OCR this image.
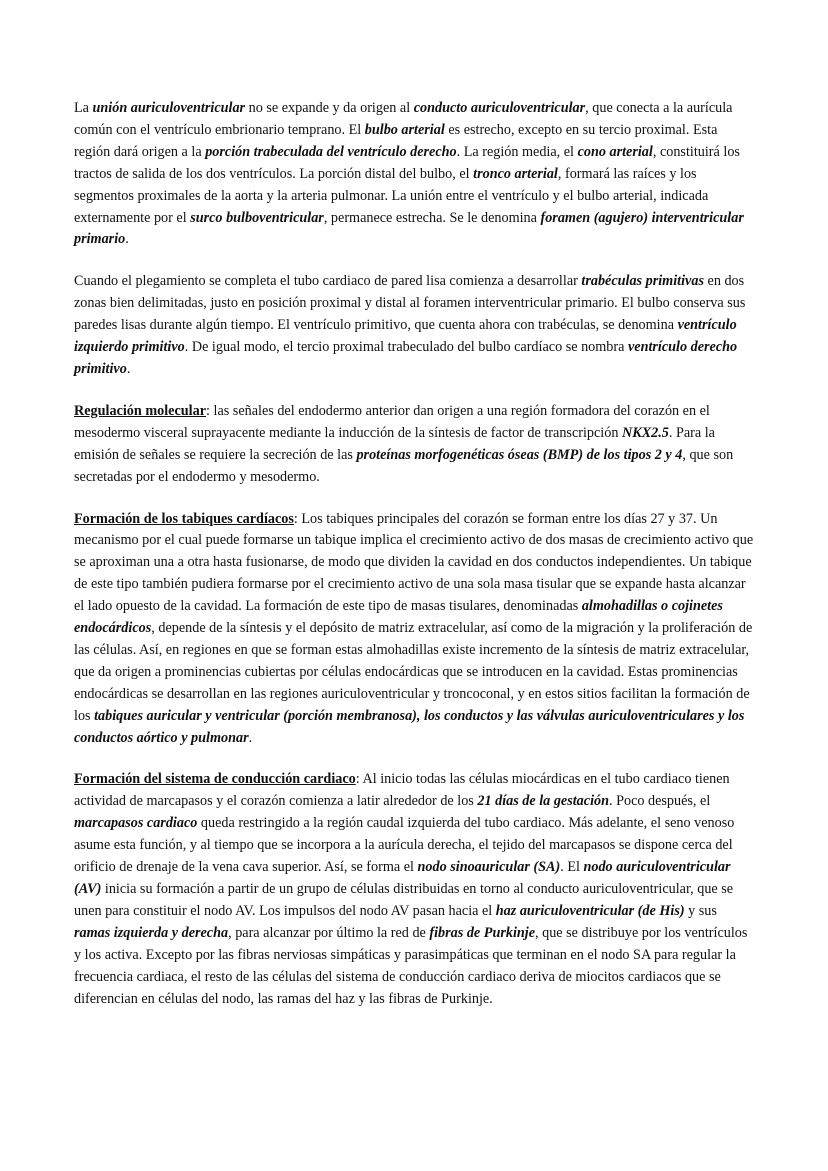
La unión auriculoventricular no se expande y da origen al conducto auriculoventricular, que conecta a la aurícula común con el ventrículo embrionario temprano. El bulbo arterial es estrecho, excepto en su tercio proximal. Esta región dará origen a la porción trabeculada del ventrículo derecho. La región media, el cono arterial, constituirá los tractos de salida de los dos ventrículos. La porción distal del bulbo, el tronco arterial, formará las raíces y los segmentos proximales de la aorta y la arteria pulmonar. La unión entre el ventrículo y el bulbo arterial, indicada externamente por el surco bulboventricular, permanece estrecha. Se le denomina foramen (agujero) interventricular primario.

Cuando el plegamiento se completa el tubo cardiaco de pared lisa comienza a desarrollar trabéculas primitivas en dos zonas bien delimitadas, justo en posición proximal y distal al foramen interventricular primario. El bulbo conserva sus paredes lisas durante algún tiempo. El ventrículo primitivo, que cuenta ahora con trabéculas, se denomina ventrículo izquierdo primitivo. De igual modo, el tercio proximal trabeculado del bulbo cardíaco se nombra ventrículo derecho primitivo.

Regulación molecular: las señales del endodermo anterior dan origen a una región formadora del corazón en el mesodermo visceral suprayacente mediante la inducción de la síntesis de factor de transcripción NKX2.5. Para la emisión de señales se requiere la secreción de las proteínas morfogenéticas óseas (BMP) de los tipos 2 y 4, que son secretadas por el endodermo y mesodermo.

Formación de los tabiques cardíacos: Los tabiques principales del corazón se forman entre los días 27 y 37. Un mecanismo por el cual puede formarse un tabique implica el crecimiento activo de dos masas de crecimiento activo que se aproximan una a otra hasta fusionarse, de modo que dividen la cavidad en dos conductos independientes. Un tabique de este tipo también pudiera formarse por el crecimiento activo de una sola masa tisular que se expande hasta alcanzar el lado opuesto de la cavidad. La formación de este tipo de masas tisulares, denominadas almohadillas o cojinetes endocárdicos, depende de la síntesis y el depósito de matriz extracelular, así como de la migración y la proliferación de las células. Así, en regiones en que se forman estas almohadillas existe incremento de la síntesis de matriz extracelular, que da origen a prominencias cubiertas por células endocárdicas que se introducen en la cavidad. Estas prominencias endocárdicas se desarrollan en las regiones auriculoventricular y troncoconal, y en estos sitios facilitan la formación de los tabiques auricular y ventricular (porción membranosa), los conductos y las válvulas auriculoventriculares y los conductos aórtico y pulmonar.

Formación del sistema de conducción cardiaco: Al inicio todas las células miocárdicas en el tubo cardiaco tienen actividad de marcapasos y el corazón comienza a latir alrededor de los 21 días de la gestación. Poco después, el marcapasos cardiaco queda restringido a la región caudal izquierda del tubo cardiaco. Más adelante, el seno venoso asume esta función, y al tiempo que se incorpora a la aurícula derecha, el tejido del marcapasos se dispone cerca del orificio de drenaje de la vena cava superior. Así, se forma el nodo sinoauricular (SA). El nodo auriculoventricular (AV) inicia su formación a partir de un grupo de células distribuidas en torno al conducto auriculoventricular, que se unen para constituir el nodo AV. Los impulsos del nodo AV pasan hacia el haz auriculoventricular (de His) y sus ramas izquierda y derecha, para alcanzar por último la red de fibras de Purkinje, que se distribuye por los ventrículos y los activa. Excepto por las fibras nerviosas simpáticas y parasimpáticas que terminan en el nodo SA para regular la frecuencia cardiaca, el resto de las células del sistema de conducción cardiaco deriva de miocitos cardiacos que se diferencian en células del nodo, las ramas del haz y las fibras de Purkinje.
